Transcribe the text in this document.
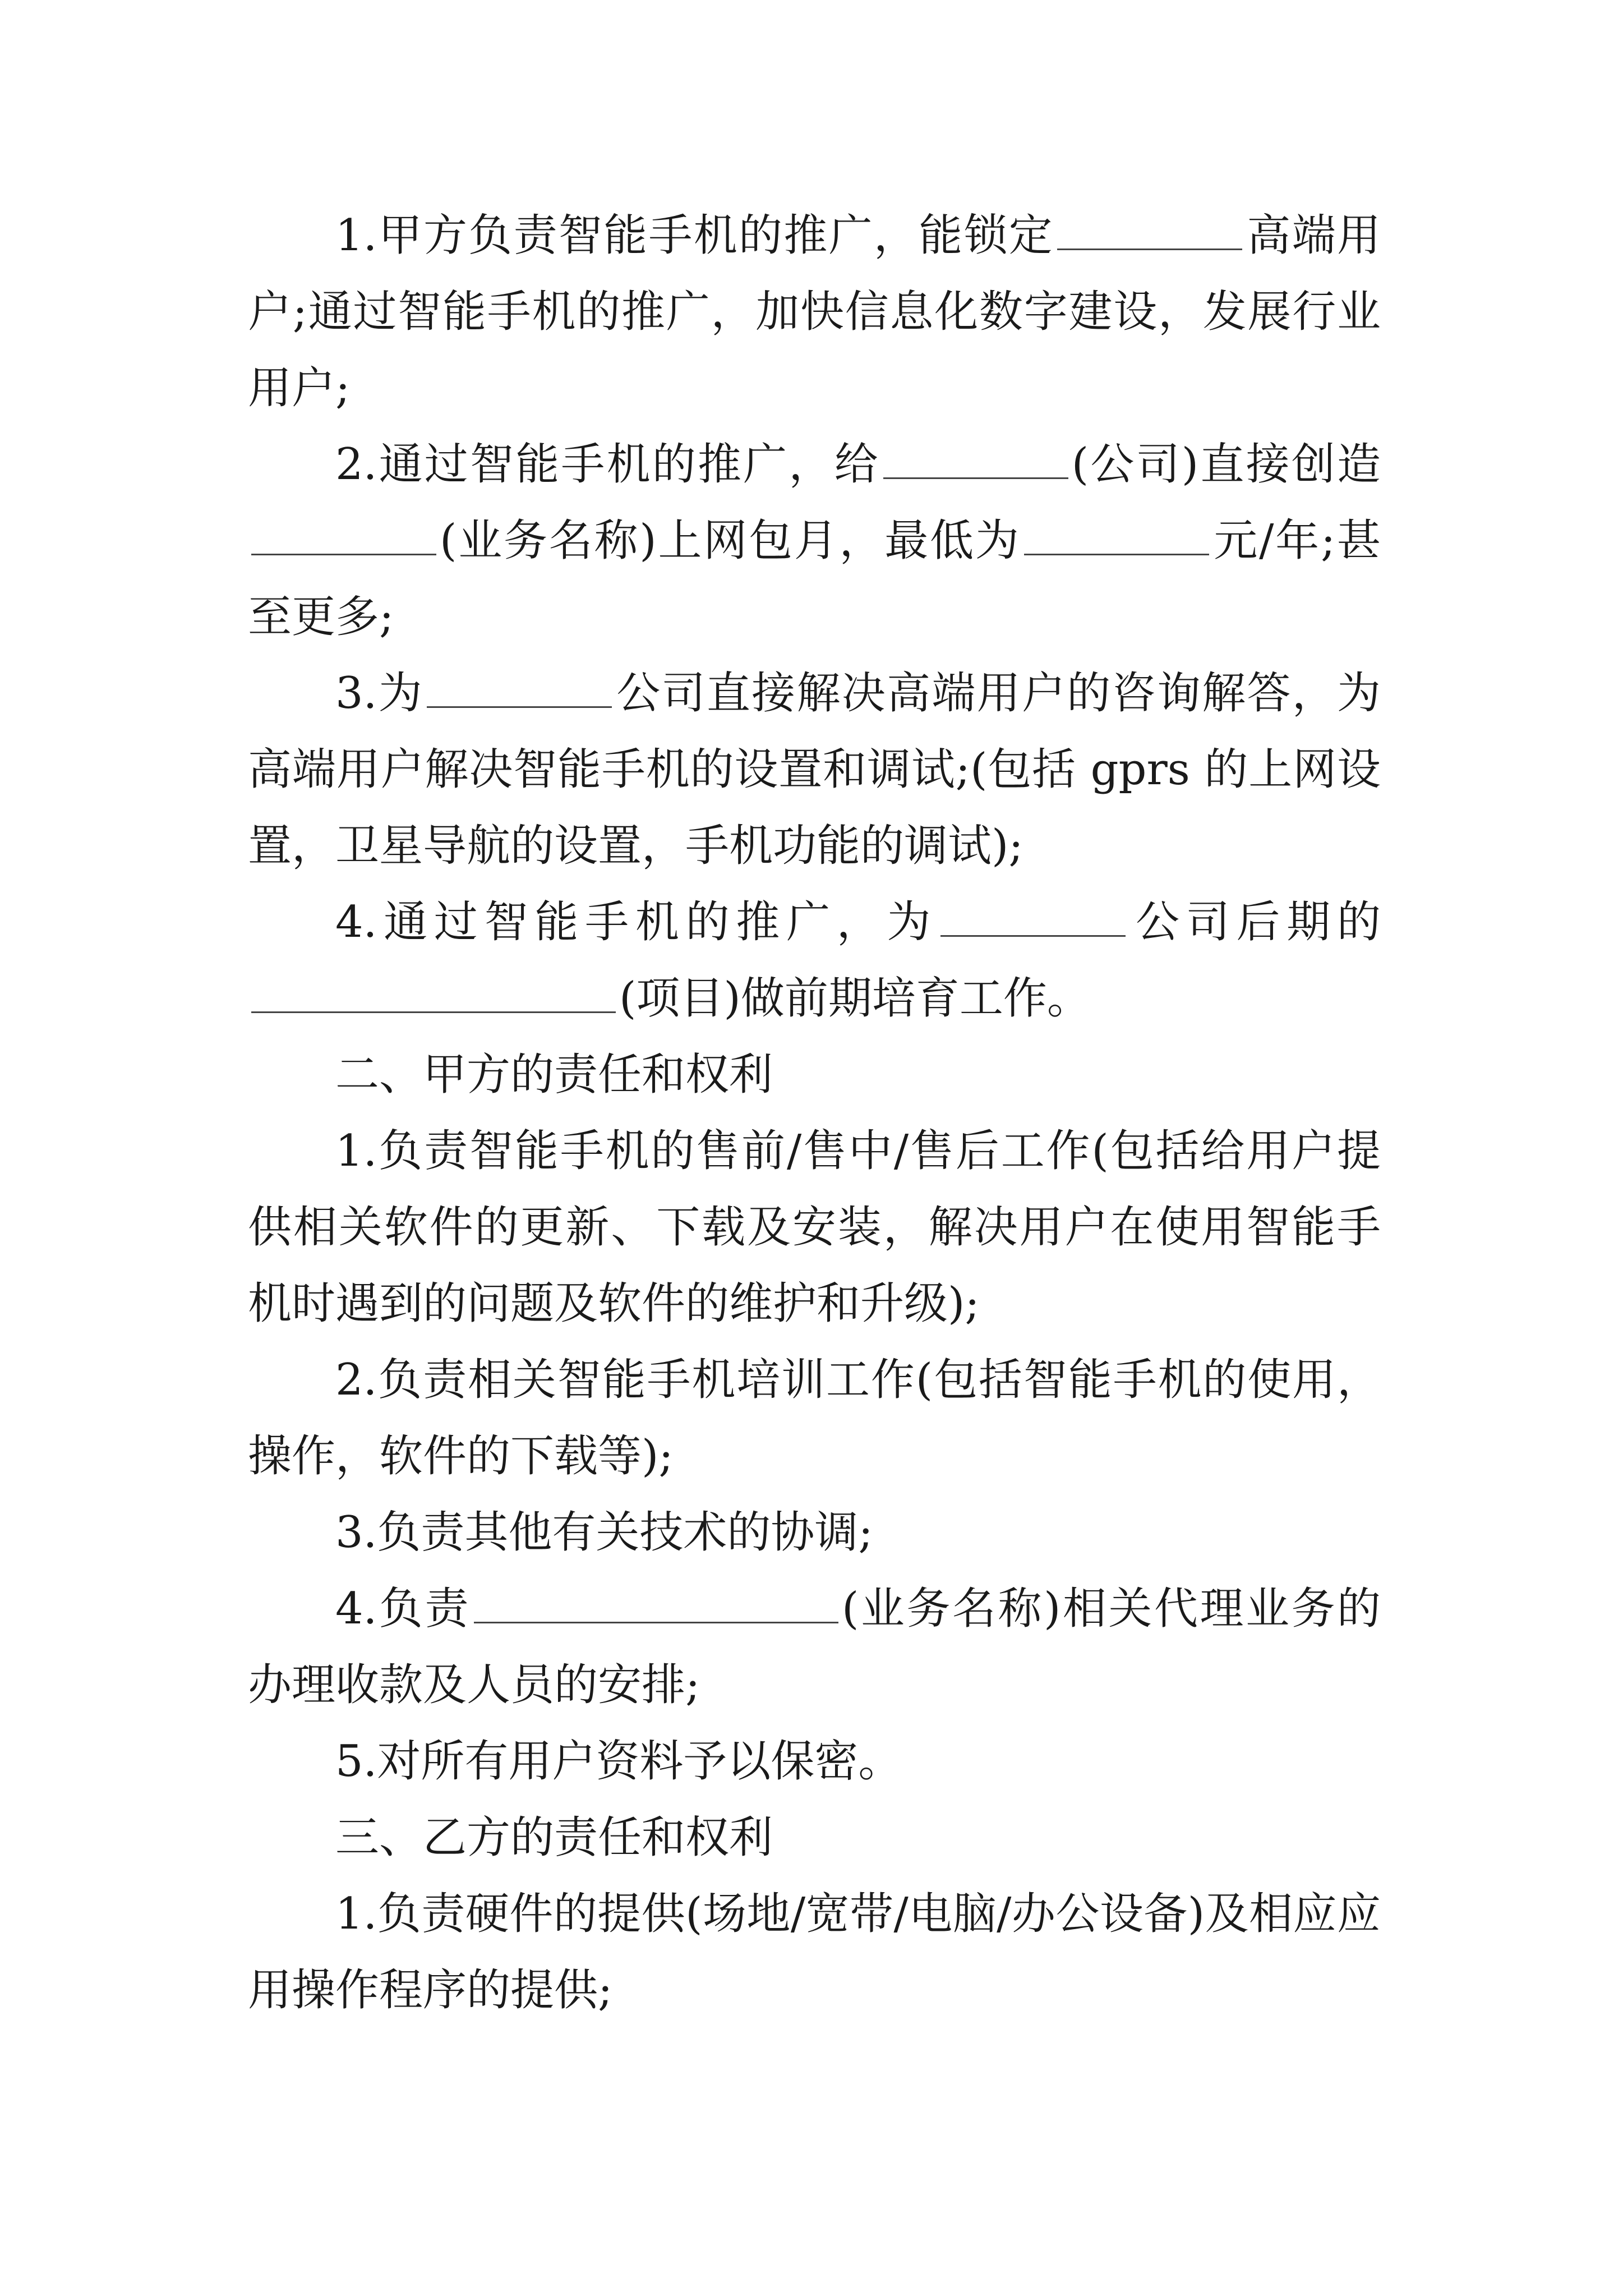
1.甲方负责智能手机的推广，能锁定	高端用户;通过智能手机的推广，加快信息化数字建设，发展行业用户;

2.通过智能手机的推广，给	(公司)直接创造(业务名称)上网包月，最低为	元/年;甚至更多;

3.为	公司直接解决高端用户的咨询解答，为高端用户解决智能手机的设置和调试;(包括 gprs 的上网设置，卫星导航的设置，手机功能的调试);

4.通过智能手机的推广，为	公司后期的(项目)做前期培育工作。

二、甲方的责任和权利

1.负责智能手机的售前/售中/售后工作(包括给用户提供相关软件的更新、下载及安装，解决用户在使用智能手机时遇到的问题及软件的维护和升级);

2.负责相关智能手机培训工作(包括智能手机的使用，操作，软件的下载等);

3.负责其他有关技术的协调;

4.负责	(业务名称)相关代理业务的办理收款及人员的安排;

5.对所有用户资料予以保密。

三、乙方的责任和权利

1.负责硬件的提供(场地/宽带/电脑/办公设备)及相应应用操作程序的提供;
